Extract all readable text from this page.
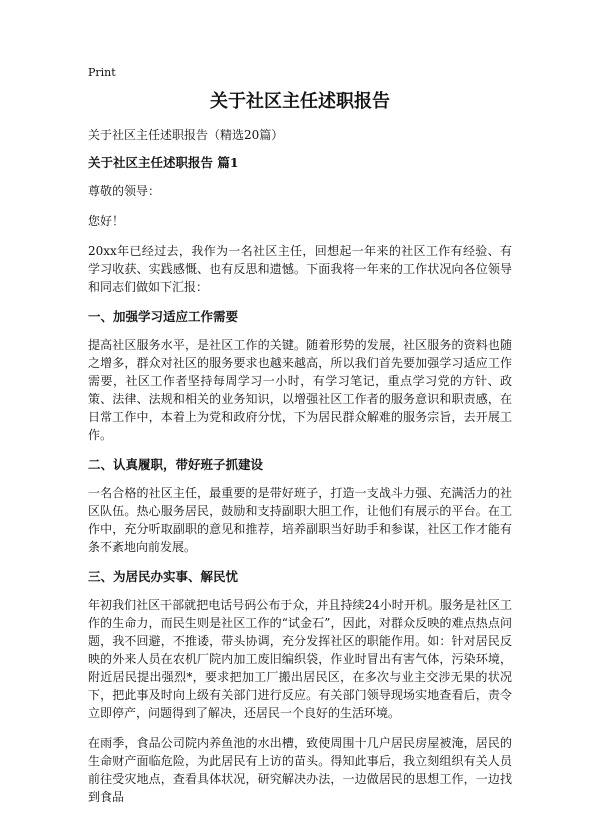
Print
关于社区主任述职报告
关于社区主任述职报告（精选20篇）
关于社区主任述职报告 篇1

尊敬的领导：

您好！

20xx年已经过去，我作为一名社区主任，回想起一年来的社区工作有经验、有学习收获、实践感慨、也有反思和遗憾。下面我将一年来的工作状况向各位领导和同志们做如下汇报：

一、加强学习适应工作需要

提高社区服务水平，是社区工作的关键。随着形势的发展，社区服务的资料也随之增多，群众对社区的服务要求也越来越高，所以我们首先要加强学习适应工作需要，社区工作者坚持每周学习一小时，有学习笔记，重点学习党的方针、政策、法律、法规和相关的业务知识，以增强社区工作者的服务意识和职责感，在日常工作中，本着上为党和政府分忧，下为居民群众解难的服务宗旨，去开展工作。

二、认真履职，带好班子抓建设

一名合格的社区主任，最重要的是带好班子，打造一支战斗力强、充满活力的社区队伍。热心服务居民，鼓励和支持副职大胆工作，让他们有展示的平台。在工作中，充分听取副职的意见和推荐，培养副职当好助手和参谋，社区工作才能有条不紊地向前发展。

三、为居民办实事、解民忧

年初我们社区干部就把电话号码公布于众，并且持续24小时开机。服务是社区工作的生命力，而民生则是社区工作的“试金石”，因此，对群众反映的难点热点问题，我不回避，不推诿，带头协调，充分发挥社区的职能作用。如：针对居民反映的外来人员在农机厂院内加工废旧编织袋，作业时冒出有害气体，污染环境，附近居民提出强烈*，要求把加工厂搬出居民区，在多次与业主交涉无果的状况下，把此事及时向上级有关部门进行反应。有关部门领导现场实地查看后，责令立即停产，问题得到了解决，还居民一个良好的生活环境。

在雨季，食品公司院内养鱼池的水出槽，致使周围十几户居民房屋被淹，居民的生命财产面临危险，为此居民有上访的苗头。得知此事后，我立刻组织有关人员前往受灾地点，查看具体状况，研究解决办法，一边做居民的思想工作，一边找到食品
